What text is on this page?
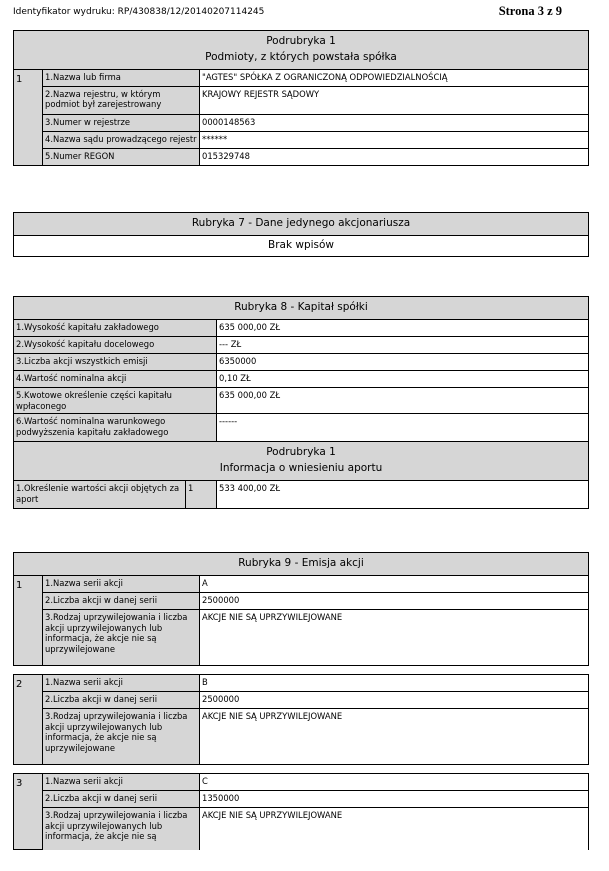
Identyfikator wydruku: RP/430838/12/20140207114245	Strona 3 z 9
Podrubryka 1
Podmioty, z których powstała spółka		

1	1.Nazwa lub firma	"AGTES" SPÓŁKA Z OGRANICZONĄ ODPOWIEDZIALNOŚCIĄ
	2.Nazwa rejestru, w którym podmiot był zarejestrowany	KRAJOWY REJESTR SĄDOWY
	3.Numer w rejestrze	0000148563
	4.Nazwa sądu prowadzącego rejestr	******
	5.Numer REGON	015329748
Rubryka 7 - Dane jedynego akcjonariusza
Brak wpisów
Rubryka 8 - Kapitał spółki		
1.Wysokość kapitału zakładowego		635 000,00 ZŁ
2.Wysokość kapitału docelowego		--- ZŁ
3.Liczba akcji wszystkich emisji		6350000
4.Wartość nominalna akcji		0,10 ZŁ
5.Kwotowe określenie części kapitału wpłaconego		635 000,00 ZŁ
6.Wartość nominalna warunkowego podwyższenia kapitału zakładowego		------

Podrubryka 1
Informacja o wniesieniu aportu		

1.Określenie wartości akcji objętych za aport	1	533 400,00 ZŁ
Rubryka 9 - Emisja akcji		
1	1.Nazwa serii akcji	A
	2.Liczba akcji w danej serii	2500000
	3.Rodzaj uprzywilejowania i liczba akcji uprzywilejowanych lub informacja, że akcje nie są uprzywilejowane	AKCJE NIE SĄ UPRZYWILEJOWANE

2	1.Nazwa serii akcji	B
	2.Liczba akcji w danej serii	2500000
	3.Rodzaj uprzywilejowania i liczba akcji uprzywilejowanych lub informacja, że akcje nie są uprzywilejowane	AKCJE NIE SĄ UPRZYWILEJOWANE

3	1.Nazwa serii akcji	C
	2.Liczba akcji w danej serii	1350000
	3.Rodzaj uprzywilejowania i liczba akcji uprzywilejowanych lub informacja, że akcje nie są	AKCJE NIE SĄ UPRZYWILEJOWANE
